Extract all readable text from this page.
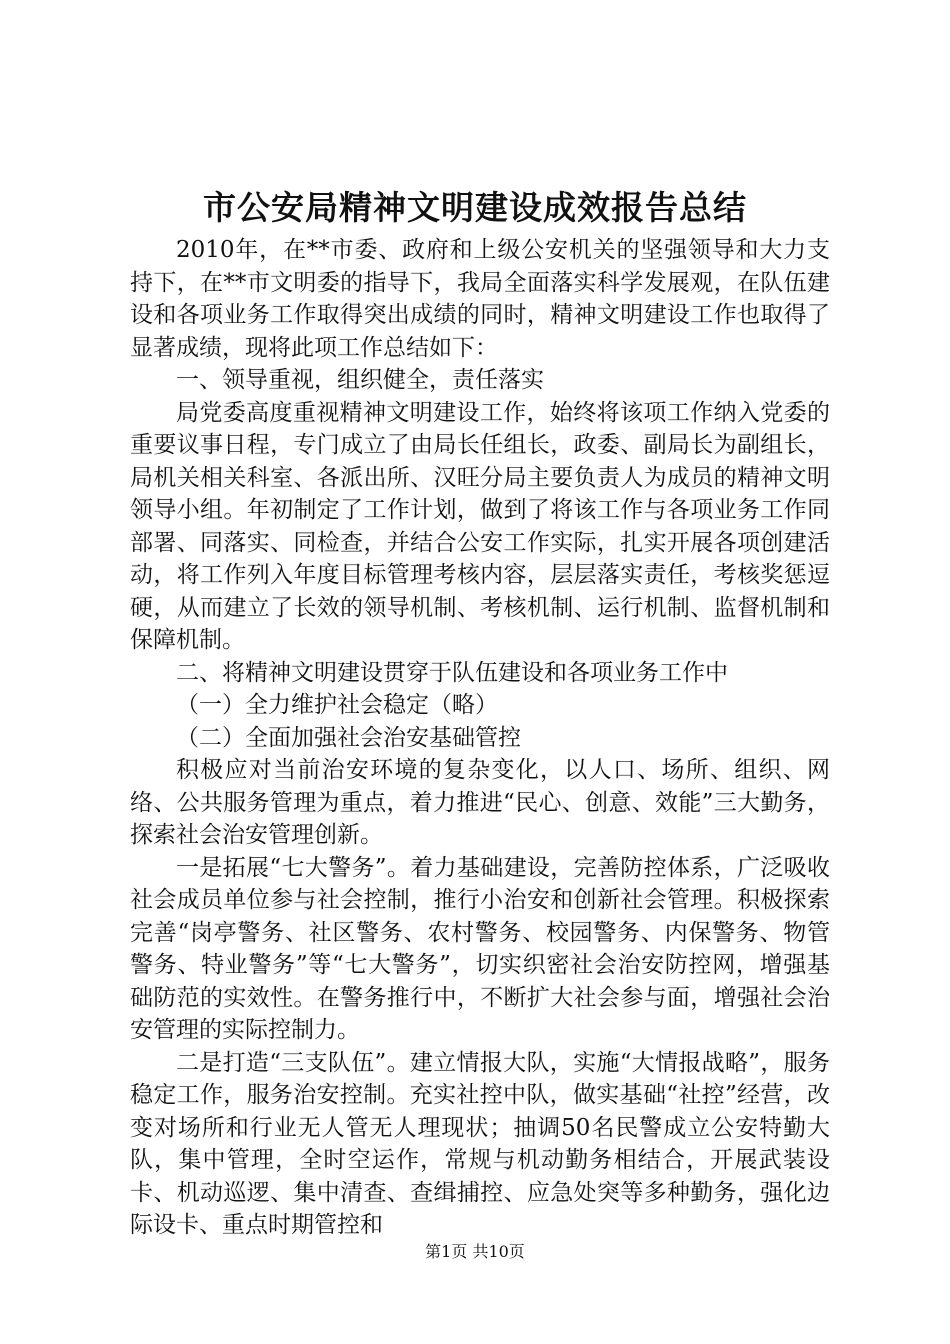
市公安局精神文明建设成效报告总结

2010年，在**市委、政府和上级公安机关的坚强领导和大力支持下，在**市文明委的指导下，我局全面落实科学发展观，在队伍建设和各项业务工作取得突出成绩的同时，精神文明建设工作也取得了显著成绩，现将此项工作总结如下：

一、领导重视，组织健全，责任落实

局党委高度重视精神文明建设工作，始终将该项工作纳入党委的重要议事日程，专门成立了由局长任组长，政委、副局长为副组长，局机关相关科室、各派出所、汉旺分局主要负责人为成员的精神文明领导小组。年初制定了工作计划，做到了将该工作与各项业务工作同部署、同落实、同检查，并结合公安工作实际，扎实开展各项创建活动，将工作列入年度目标管理考核内容，层层落实责任，考核奖惩逗硬，从而建立了长效的领导机制、考核机制、运行机制、监督机制和保障机制。

二、将精神文明建设贯穿于队伍建设和各项业务工作中

（一）全力维护社会稳定（略）

（二）全面加强社会治安基础管控

积极应对当前治安环境的复杂变化，以人口、场所、组织、网络、公共服务管理为重点，着力推进“民心、创意、效能”三大勤务，探索社会治安管理创新。

一是拓展“七大警务”。着力基础建设，完善防控体系，广泛吸收社会成员单位参与社会控制，推行小治安和创新社会管理。积极探索完善“岗亭警务、社区警务、农村警务、校园警务、内保警务、物管警务、特业警务”等“七大警务”，切实织密社会治安防控网，增强基础防范的实效性。在警务推行中，不断扩大社会参与面，增强社会治安管理的实际控制力。

二是打造“三支队伍”。建立情报大队，实施“大情报战略”，服务稳定工作，服务治安控制。充实社控中队，做实基础“社控”经营，改变对场所和行业无人管无人理现状；抽调50名民警成立公安特勤大队，集中管理，全时空运作，常规与机动勤务相结合，开展武装设卡、机动巡逻、集中清查、查缉捕控、应急处突等多种勤务，强化边际设卡、重点时期管控和

第1页 共10页
